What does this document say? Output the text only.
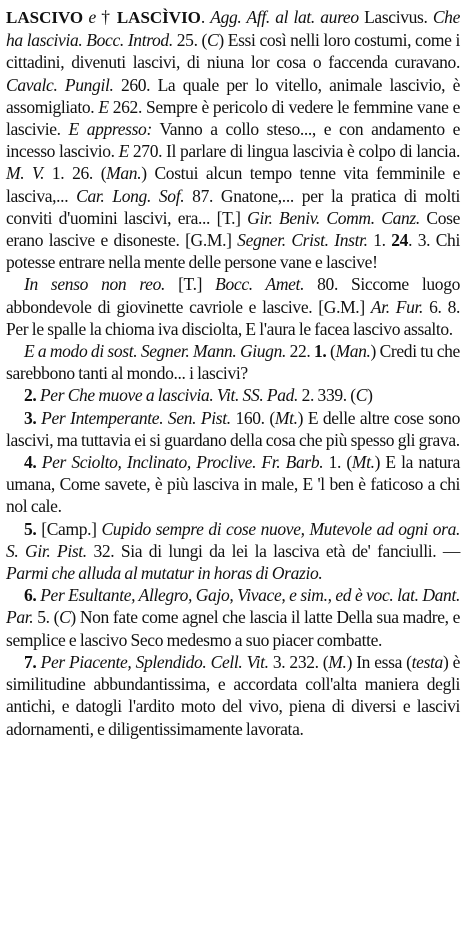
LASCIVO e † LASCÌVIO. Agg. Aff. al lat. aureo Lascivus. Che ha lascivia. Bocc. Introd. 25. (C) Essi così nelli loro costumi, come i cittadini, divenuti lascivi, di niuna lor cosa o faccenda curavano. Cavalc. Pungil. 260. La quale per lo vitello, animale lascivio, è assomigliato. E 262. Sempre è pericolo di vedere le femmine vane e lascivie. E appresso: Vanno a collo steso..., e con andamento e incesso lascivio. E 270. Il parlare di lingua lascivia è colpo di lancia. M. V. 1. 26. (Man.) Costui alcun tempo tenne vita femminile e lasciva,... Car. Long. Sof. 87. Gnatone,... per la pratica di molti conviti d'uomini lascivi, era... [T.] Gir. Beniv. Comm. Canz. Cose erano lascive e disoneste. [G.M.] Segner. Crist. Instr. 1. 24. 3. Chi potesse entrare nella mente delle persone vane e lascive!

In senso non reo. [T.] Bocc. Amet. 80. Siccome luogo abbondevole di giovinette cavriole e lascive. [G.M.] Ar. Fur. 6. 8. Per le spalle la chioma iva disciolta, E l'aura le facea lascivo assalto.

E a modo di sost. Segner. Mann. Giugn. 22. 1. (Man.) Credi tu che sarebbono tanti al mondo... i lascivi?

2. Per Che muove a lascivia. Vit. SS. Pad. 2. 339. (C)

3. Per Intemperante. Sen. Pist. 160. (Mt.) E delle altre cose sono lascivi, ma tuttavia ei si guardano della cosa che più spesso gli grava.

4. Per Sciolto, Inclinato, Proclive. Fr. Barb. 1. (Mt.) E la natura umana, Come savete, è più lasciva in male, E 'l ben è faticoso a chi nol cale.

5. [Camp.] Cupido sempre di cose nuove, Mutevole ad ogni ora. S. Gir. Pist. 32. Sia di lungi da lei la lasciva età de' fanciulli. — Parmi che alluda al mutatur in horas di Orazio.

6. Per Esultante, Allegro, Gajo, Vivace, e sim., ed è voc. lat. Dant. Par. 5. (C) Non fate come agnel che lascia il latte Della sua madre, e semplice e lascivo Seco medesmo a suo piacer combatte.

7. Per Piacente, Splendido. Cell. Vit. 3. 232. (M.) In essa (testa) è similitudine abbundantissima, e accordata coll'alta maniera degli antichi, e datogli l'ardito moto del vivo, piena di diversi e lascivi adornamenti, e diligentissimamente lavorata.
